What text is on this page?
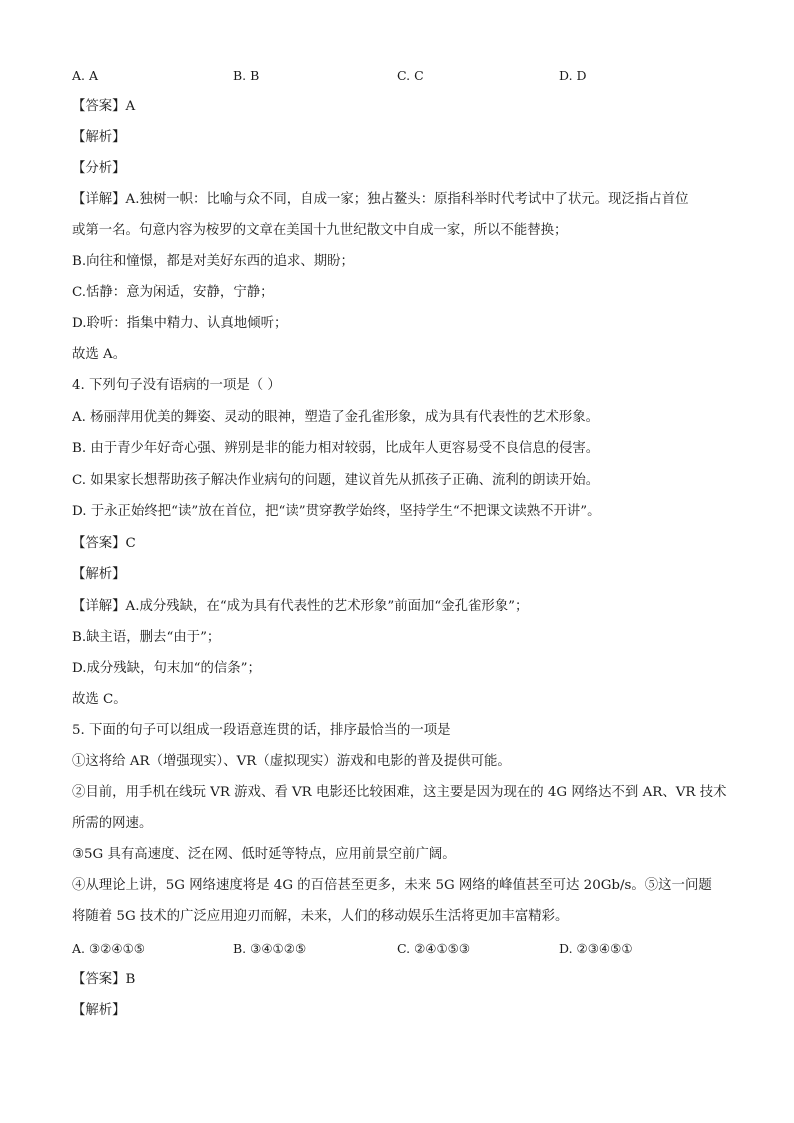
A. A	B. B	C. C	D. D
【答案】A
【解析】
【分析】
【详解】A.独树一帜：比喻与众不同，自成一家；独占鳌头：原指科举时代考试中了状元。现泛指占首位
或第一名。句意内容为桉罗的文章在美国十九世纪散文中自成一家，所以不能替换；
B.向往和憧憬，都是对美好东西的追求、期盼；
C.恬静：意为闲适，安静，宁静；
D.聆听：指集中精力、认真地倾听；
故选 A。
4. 下列句子没有语病的一项是（ ）
A. 杨丽萍用优美的舞姿、灵动的眼神，塑造了金孔雀形象，成为具有代表性的艺术形象。
B. 由于青少年好奇心强、辨别是非的能力相对较弱，比成年人更容易受不良信息的侵害。
C. 如果家长想帮助孩子解决作业病句的问题，建议首先从抓孩子正确、流利的朗读开始。
D. 于永正始终把“读”放在首位，把“读”贯穿教学始终，坚持学生“不把课文读熟不开讲”。
【答案】C
【解析】
【详解】A.成分残缺，在“成为具有代表性的艺术形象”前面加“金孔雀形象”；
B.缺主语，删去“由于”；
D.成分残缺，句末加“的信条”；
故选 C。
5. 下面的句子可以组成一段语意连贯的话，排序最恰当的一项是
①这将给 AR（增强现实）、VR（虚拟现实）游戏和电影的普及提供可能。
②目前，用手机在线玩 VR 游戏、看 VR 电影还比较困难，这主要是因为现在的 4G 网络达不到 AR、VR 技术
所需的网速。
③5G 具有高速度、泛在网、低时延等特点，应用前景空前广阔。
④从理论上讲，5G 网络速度将是 4G 的百倍甚至更多，未来 5G 网络的峰值甚至可达 20Gb/s。⑤这一问题
将随着 5G 技术的广泛应用迎刃而解，未来，人们的移动娱乐生活将更加丰富精彩。
A. ③②④①⑤	B. ③④①②⑤	C. ②④①⑤③	D. ②③④⑤①
【答案】B
【解析】
